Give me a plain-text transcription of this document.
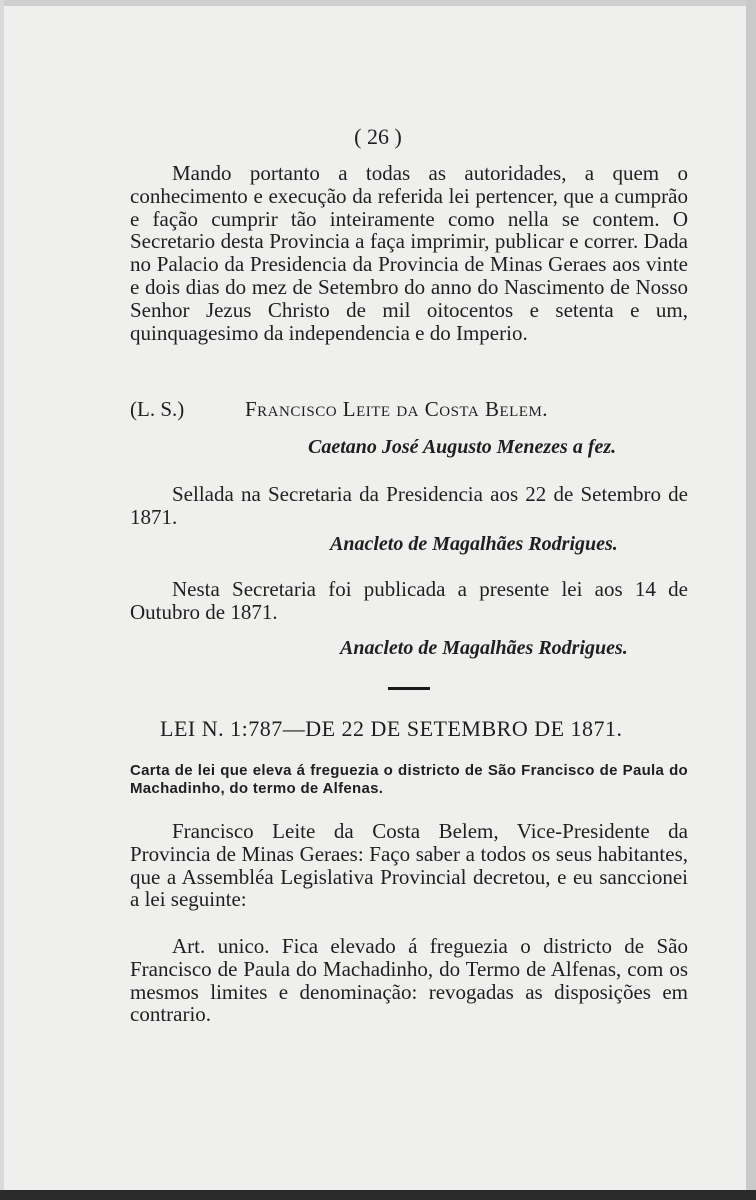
( 26 )
Mando portanto a todas as autoridades, a quem o conhecimento e execução da referida lei pertencer, que a cumprão e fação cumprir tão inteiramente como nella se contem. O Secretario desta Provincia a faça imprimir, publicar e correr. Dada no Palacio da Presidencia da Provincia de Minas Geraes aos vinte e dois dias do mez de Setembro do anno do Nascimento de Nosso Senhor Jezus Christo de mil oitocentos e setenta e um, quinquagesimo da independencia e do Imperio.
(L. S.)	Francisco Leite da Costa Belem.
Caetano José Augusto Menezes a fez.
Sellada na Secretaria da Presidencia aos 22 de Setembro de 1871.
Anacleto de Magalhães Rodrigues.
Nesta Secretaria foi publicada a presente lei aos 14 de Outubro de 1871.
Anacleto de Magalhães Rodrigues.
LEI N. 1:787—DE 22 DE SETEMBRO DE 1871.
Carta de lei que eleva á freguezia o districto de São Francisco de Paula do Machadinho, do termo de Alfenas.
Francisco Leite da Costa Belem, Vice-Presidente da Provincia de Minas Geraes: Faço saber a todos os seus habitantes, que a Assembléa Legislativa Provincial decretou, e eu sanccionei a lei seguinte:
Art. unico. Fica elevado á freguezia o districto de São Francisco de Paula do Machadinho, do Termo de Alfenas, com os mesmos limites e denominação: revogadas as disposições em contrario.
